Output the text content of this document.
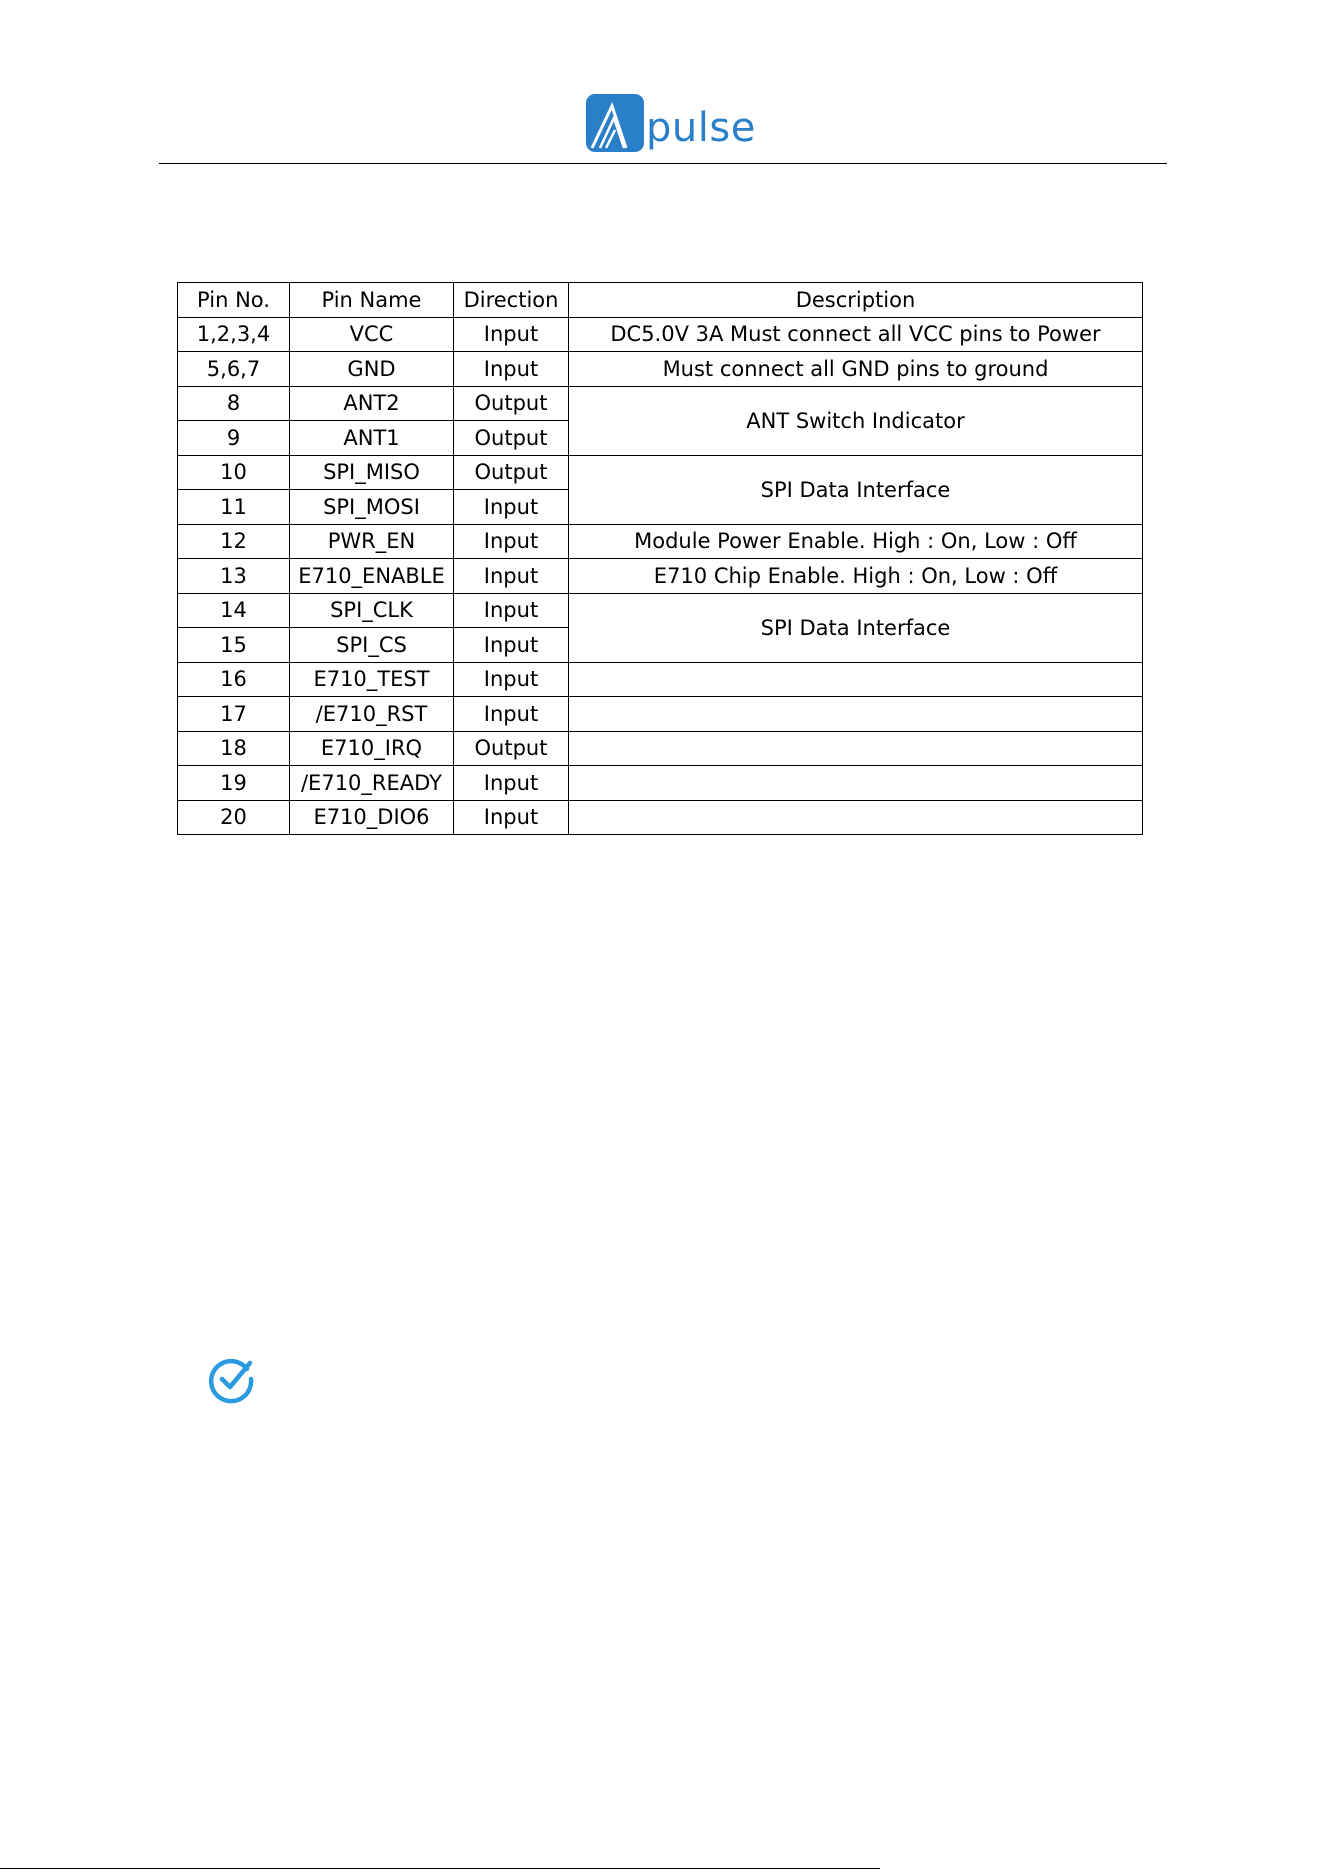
pulse
Pin No.	Pin Name	Direction	Description
1,2,3,4	VCC	Input	DC5.0V 3A Must connect all VCC pins to Power
5,6,7	GND	Input	Must connect all GND pins to ground
8	ANT2	Output	ANT Switch Indicator
9	ANT1	Output	
10	SPI_MISO	Output	SPI Data Interface
11	SPI_MOSI	Input	
12	PWR_EN	Input	Module Power Enable. High : On, Low : Off
13	E710_ENABLE	Input	E710 Chip Enable. High : On, Low : Off
14	SPI_CLK	Input	SPI Data Interface
15	SPI_CS	Input	
16	E710_TEST	Input	
17	/E710_RST	Input	
18	E710_IRQ	Output	
19	/E710_READY	Input	
20	E710_DIO6	Input	
